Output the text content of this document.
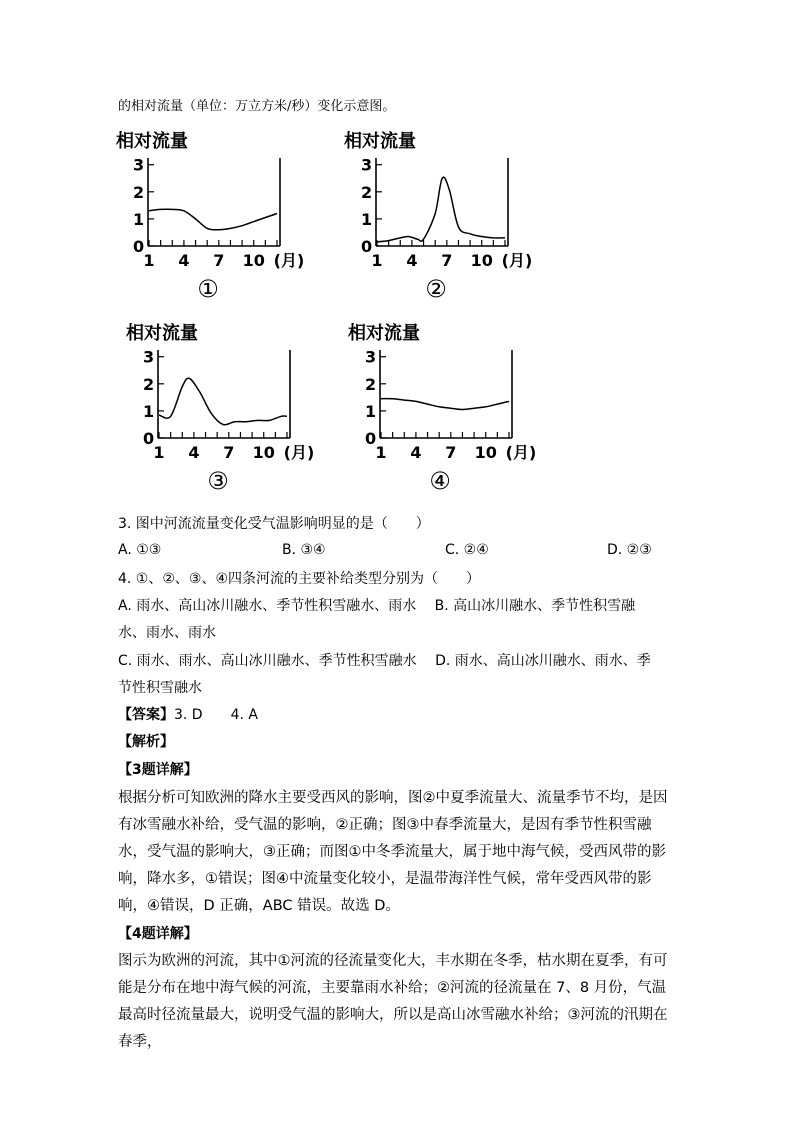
的相对流量（单位：万立方米/秒）变化示意图。
相对流量
0
1
2
3
1 4 7 10 (月)
①
相对流量
0
1
2
3
1 4 7 10 (月)
②
相对流量
0
1
2
3
1 4 7 10 (月)
③
相对流量
0
1
2
3
1 4 7 10 (月)
④
3. 图中河流流量变化受气温影响明显的是（　　）
A. ①③	B. ③④	C. ②④	D. ②③
4. ①、②、③、④四条河流的主要补给类型分别为（　　）
A. 雨水、高山冰川融水、季节性积雪融水、雨水　 B. 高山冰川融水、季节性积雪融
水、雨水、雨水
C. 雨水、雨水、高山冰川融水、季节性积雪融水　 D. 雨水、高山冰川融水、雨水、季
节性积雪融水
【答案】3. D　　4. A
【解析】
【3题详解】
根据分析可知欧洲的降水主要受西风的影响，图②中夏季流量大、流量季节不均，是因有冰雪融水补给，受气温的影响，②正确；图③中春季流量大，是因有季节性积雪融水，受气温的影响大，③正确；而图①中冬季流量大，属于地中海气候，受西风带的影响，降水多，①错误；图④中流量变化较小，是温带海洋性气候，常年受西风带的影响，④错误，D 正确，ABC 错误。故选 D。
【4题详解】
图示为欧洲的河流，其中①河流的径流量变化大，丰水期在冬季，枯水期在夏季，有可能是分布在地中海气候的河流，主要靠雨水补给；②河流的径流量在 7、8 月份，气温最高时径流量最大，说明受气温的影响大，所以是高山冰雪融水补给；③河流的汛期在春季，
